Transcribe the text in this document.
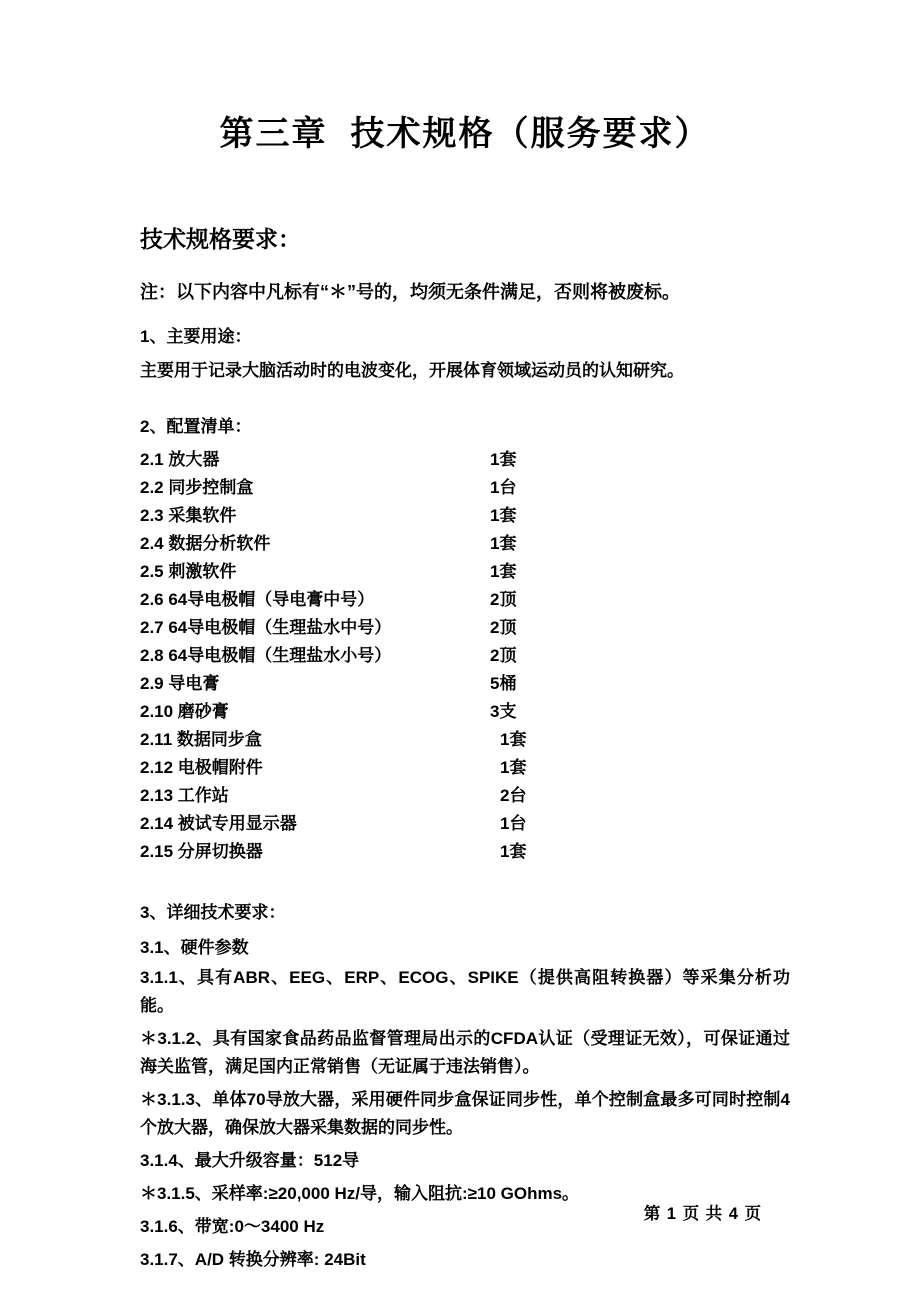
第三章  技术规格（服务要求）
技术规格要求：

注：以下内容中凡标有“＊”号的，均须无条件满足，否则将被废标。

1、主要用途：

主要用于记录大脑活动时的电波变化，开展体育领域运动员的认知研究。

2、配置清单：

2.1 放大器	1套
2.2 同步控制盒	1台
2.3 采集软件	1套
2.4 数据分析软件	1套
2.5 刺激软件	1套
2.6 64导电极帽（导电膏中号）	2顶
2.7 64导电极帽（生理盐水中号）	2顶
2.8 64导电极帽（生理盐水小号）	2顶
2.9 导电膏	5桶
2.10 磨砂膏	3支
2.11 数据同步盒	1套
2.12 电极帽附件	1套
2.13 工作站	2台
2.14 被试专用显示器	1台
2.15 分屏切换器	1套

3、详细技术要求：

3.1、硬件参数

3.1.1、具有ABR、EEG、ERP、ECOG、SPIKE（提供高阻转换器）等采集分析功能。

＊3.1.2、具有国家食品药品监督管理局出示的CFDA认证（受理证无效），可保证通过海关监管，满足国内正常销售（无证属于违法销售）。

＊3.1.3、单体70导放大器，采用硬件同步盒保证同步性，单个控制盒最多可同时控制4个放大器，确保放大器采集数据的同步性。

3.1.4、最大升级容量：512导

＊3.1.5、采样率:≥20,000 Hz/导，输入阻抗:≥10 GOhms。

3.1.6、带宽:0～3400 Hz

3.1.7、A/D 转换分辨率: 24Bit

第 1 页 共 4 页
